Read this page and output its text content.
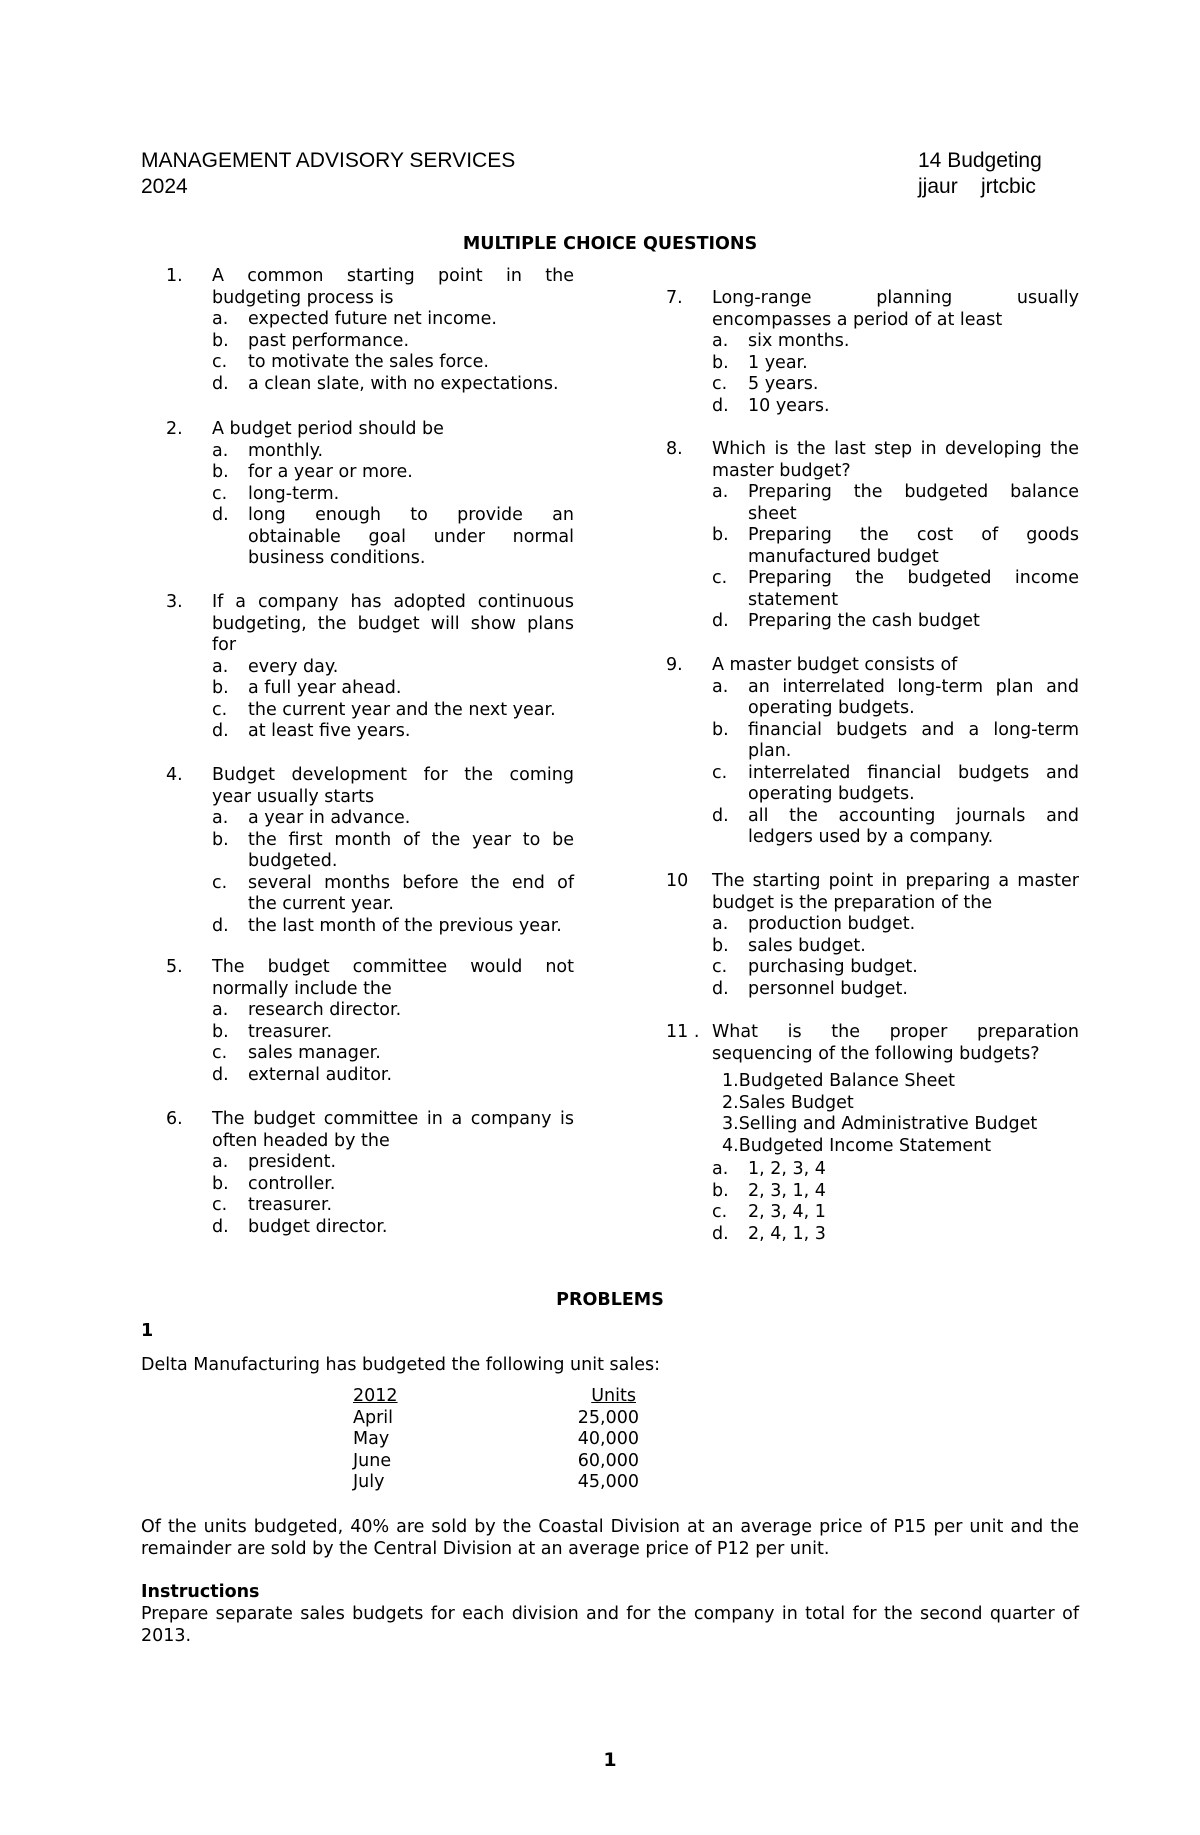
MANAGEMENT ADVISORY SERVICES
2024
14 Budgeting
jjaur    jrtcbic
MULTIPLE CHOICE QUESTIONS
1.	A common starting point in the budgeting process is
a.	expected future net income.
b.	past performance.
c.	to motivate the sales force.
d.	a clean slate, with no expectations.
2.	A budget period should be
a.	monthly.
b.	for a year or more.
c.	long-term.
d.	long enough to provide an obtainable goal under normal business conditions.
3.	If a company has adopted continuous budgeting, the budget will show plans for
a.	every day.
b.	a full year ahead.
c.	the current year and the next year.
d.	at least five years.
4.	Budget development for the coming year usually starts
a.	a year in advance.
b.	the first month of the year to be budgeted.
c.	several months before the end of the current year.
d.	the last month of the previous year.
5.	The budget committee would not normally include the
a.	research director.
b.	treasurer.
c.	sales manager.
d.	external auditor.
6.	The budget committee in a company is often headed by the
a.	president.
b.	controller.
c.	treasurer.
d.	budget director.
7.	Long-range planning usually encompasses a period of at least
a.	six months.
b.	1 year.
c.	5 years.
d.	10 years.
8.	Which is the last step in developing the master budget?
a.	Preparing the budgeted balance sheet
b.	Preparing the cost of goods manufactured budget
c.	Preparing the budgeted income statement
d.	Preparing the cash budget
9.	A master budget consists of
a.	an interrelated long-term plan and operating budgets.
b.	financial budgets and a long-term plan.
c.	interrelated financial budgets and operating budgets.
d.	all the accounting journals and ledgers used by a company.
10	The starting point in preparing a master budget is the preparation of the
a.	production budget.
b.	sales budget.
c.	purchasing budget.
d.	personnel budget.
11 . What is the proper preparation sequencing of the following budgets?
1.Budgeted Balance Sheet
2.Sales Budget
3.Selling and Administrative Budget
4.Budgeted Income Statement
a.	1, 2, 3, 4
b.	2, 3, 1, 4
c.	2, 3, 4, 1
d.	2, 4, 1, 3
PROBLEMS
1
Delta Manufacturing has budgeted the following unit sales:
2012	Units
April	25,000
May	40,000
June	60,000
July	45,000
Of the units budgeted, 40% are sold by the Coastal Division at an average price of P15 per unit and the remainder are sold by the Central Division at an average price of P12 per unit.
Instructions
Prepare separate sales budgets for each division and for the company in total for the second quarter of 2013.
1
